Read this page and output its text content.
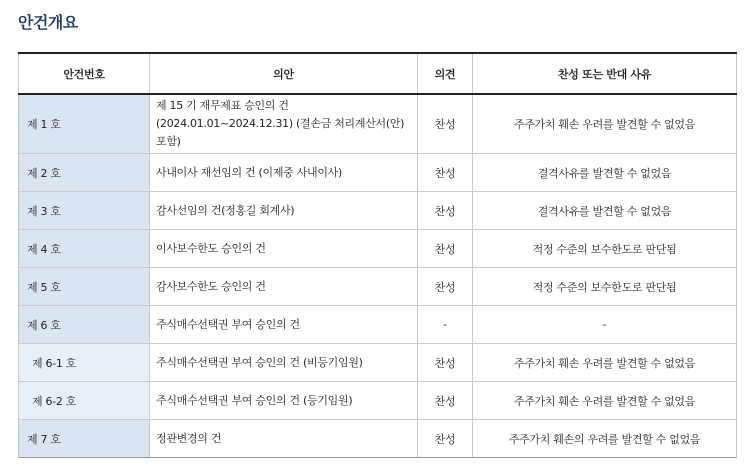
안건개요
안건번호	의안	의견	찬성 또는 반대 사유
제 1 호	제 15 기 재무제표 승인의 건 (2024.01.01~2024.12.31) (결손금 처리계산서(안) 포함)	찬성	주주가치 훼손 우려를 발견할 수 없었음
제 2 호	사내이사 재선임의 건 (이제중 사내이사)	찬성	결격사유를 발견할 수 없었음
제 3 호	감사선임의 건(정홍길 회계사)	찬성	결격사유를 발견할 수 없었음
제 4 호	이사보수한도 승인의 건	찬성	적정 수준의 보수한도로 판단됨
제 5 호	감사보수한도 승인의 건	찬성	적정 수준의 보수한도로 판단됨
제 6 호	주식매수선택권 부여 승인의 건	-	-
제 6-1 호	주식매수선택권 부여 승인의 건 (비등기임원)	찬성	주주가치 훼손 우려를 발견할 수 없었음
제 6-2 호	주식매수선택권 부여 승인의 건 (등기임원)	찬성	주주가치 훼손 우려를 발견할 수 없었음
제 7 호	정관변경의 건	찬성	주주가치 훼손의 우려를 발견할 수 없었음
